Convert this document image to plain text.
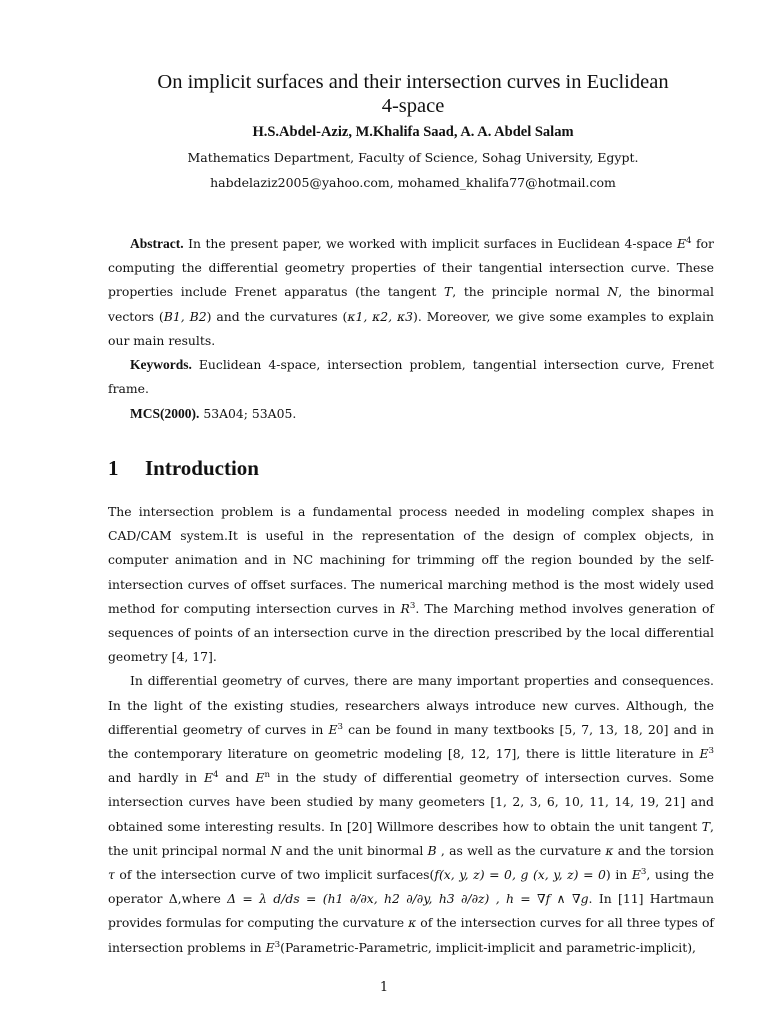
On implicit surfaces and their intersection curves in Euclidean
4-space
H.S.Abdel-Aziz, M.Khalifa Saad, A. A. Abdel Salam
Mathematics Department, Faculty of Science, Sohag University, Egypt.
habdelaziz2005@yahoo.com, mohamed_khalifa77@hotmail.com

Abstract. In the present paper, we worked with implicit surfaces in Euclidean 4-space $E^4$ for computing the differential geometry properties of their tangential intersection curve. These properties include Frenet apparatus (the tangent T, the principle normal N, the binormal vectors (B1, B2) and the curvatures (κ1, κ2, κ3). Moreover, we give some examples to explain our main results.

Keywords. Euclidean 4-space, intersection problem, tangential intersection curve, Frenet frame.

MCS(2000). 53A04; 53A05.

1 Introduction

The intersection problem is a fundamental process needed in modeling complex shapes in CAD/CAM system.It is useful in the representation of the design of complex objects, in computer animation and in NC machining for trimming off the region bounded by the self-intersection curves of offset surfaces. The numerical marching method is the most widely used method for computing intersection curves in $R^3$. The Marching method involves generation of sequences of points of an intersection curve in the direction prescribed by the local differential geometry [4, 17].

In differential geometry of curves, there are many important properties and consequences. In the light of the existing studies, researchers always introduce new curves. Although, the differential geometry of curves in $E^3$ can be found in many textbooks [5, 7, 13, 18, 20] and in the contemporary literature on geometric modeling [8, 12, 17], there is little literature in $E^3$ and hardly in $E^4$ and $E^n$ in the study of differential geometry of intersection curves. Some intersection curves have been studied by many geometers [1, 2, 3, 6, 10, 11, 14, 19, 21] and obtained some interesting results. In [20] Willmore describes how to obtain the unit tangent T, the unit principal normal N and the unit binormal B , as well as the curvature κ and the torsion τ of the intersection curve of two implicit surfaces(f(x, y, z) = 0, g (x, y, z) = 0) in $E^3$, using the operator Δ,where Δ = λ d/ds = (h1 ∂/∂x, h2 ∂/∂y, h3 ∂/∂z) , h = ∇f ∧ ∇g. In [11] Hartmaun provides formulas for computing the curvature κ of the intersection curves for all three types of intersection problems in $E^3(Parametric$-Parametric, implicit-implicit and parametric-implicit),

1
